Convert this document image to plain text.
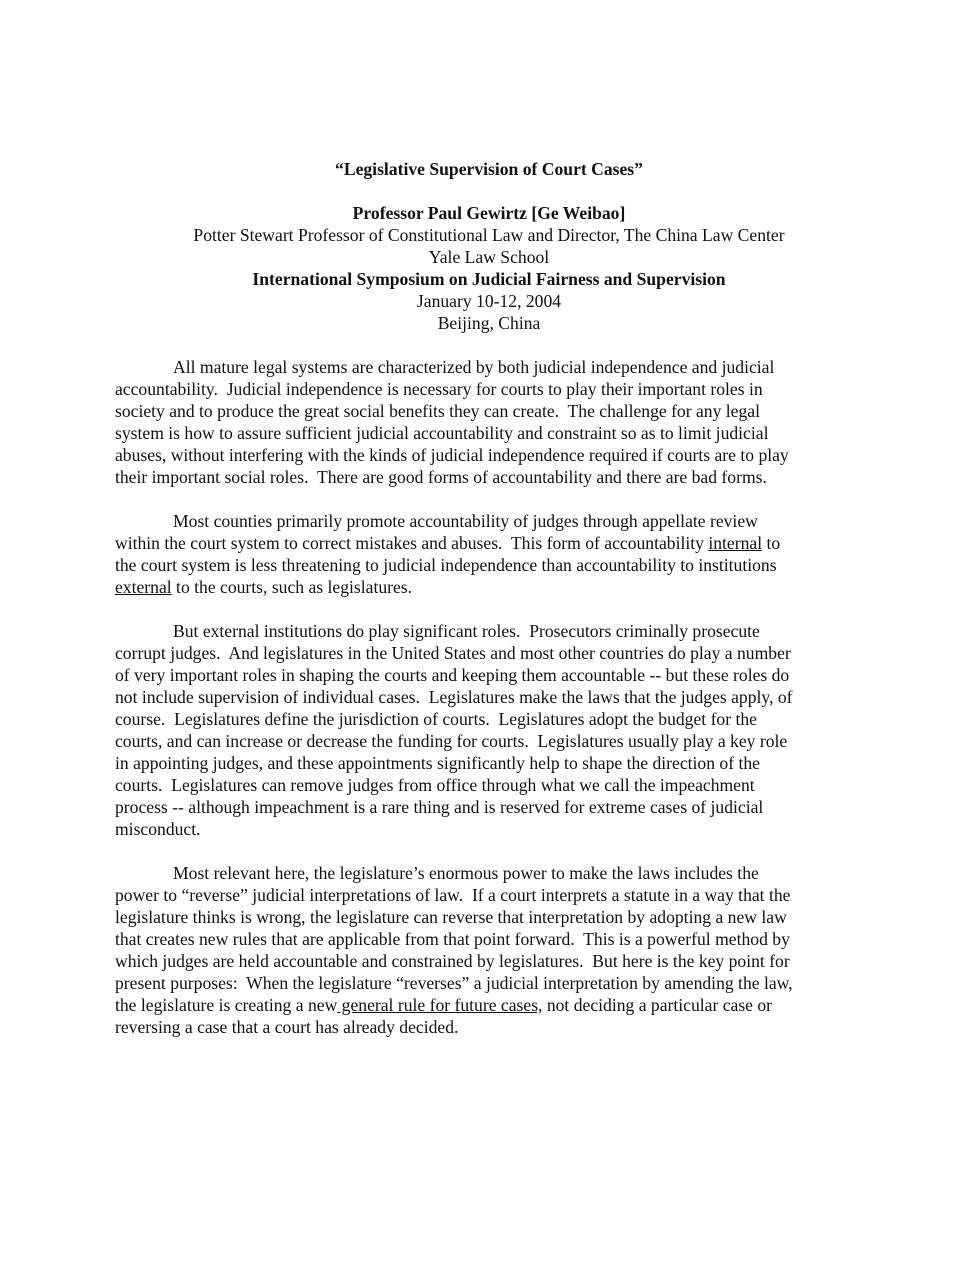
“Legislative Supervision of Court Cases”
Professor Paul Gewirtz [Ge Weibao]
Potter Stewart Professor of Constitutional Law and Director, The China Law Center
Yale Law School
International Symposium on Judicial Fairness and Supervision
January 10-12, 2004
Beijing, China
All mature legal systems are characterized by both judicial independence and judicial
accountability.  Judicial independence is necessary for courts to play their important roles in
society and to produce the great social benefits they can create.  The challenge for any legal
system is how to assure sufficient judicial accountability and constraint so as to limit judicial
abuses, without interfering with the kinds of judicial independence required if courts are to play
their important social roles.  There are good forms of accountability and there are bad forms.
Most counties primarily promote accountability of judges through appellate review
within the court system to correct mistakes and abuses.  This form of accountability internal to
the court system is less threatening to judicial independence than accountability to institutions
external to the courts, such as legislatures.
But external institutions do play significant roles.  Prosecutors criminally prosecute
corrupt judges.  And legislatures in the United States and most other countries do play a number
of very important roles in shaping the courts and keeping them accountable -- but these roles do
not include supervision of individual cases.  Legislatures make the laws that the judges apply, of
course.  Legislatures define the jurisdiction of courts.  Legislatures adopt the budget for the
courts, and can increase or decrease the funding for courts.  Legislatures usually play a key role
in appointing judges, and these appointments significantly help to shape the direction of the
courts.  Legislatures can remove judges from office through what we call the impeachment
process -- although impeachment is a rare thing and is reserved for extreme cases of judicial
misconduct.
Most relevant here, the legislature’s enormous power to make the laws includes the
power to “reverse” judicial interpretations of law.  If a court interprets a statute in a way that the
legislature thinks is wrong, the legislature can reverse that interpretation by adopting a new law
that creates new rules that are applicable from that point forward.  This is a powerful method by
which judges are held accountable and constrained by legislatures.  But here is the key point for
present purposes:  When the legislature “reverses” a judicial interpretation by amending the law,
the legislature is creating a new general rule for future cases, not deciding a particular case or
reversing a case that a court has already decided.
